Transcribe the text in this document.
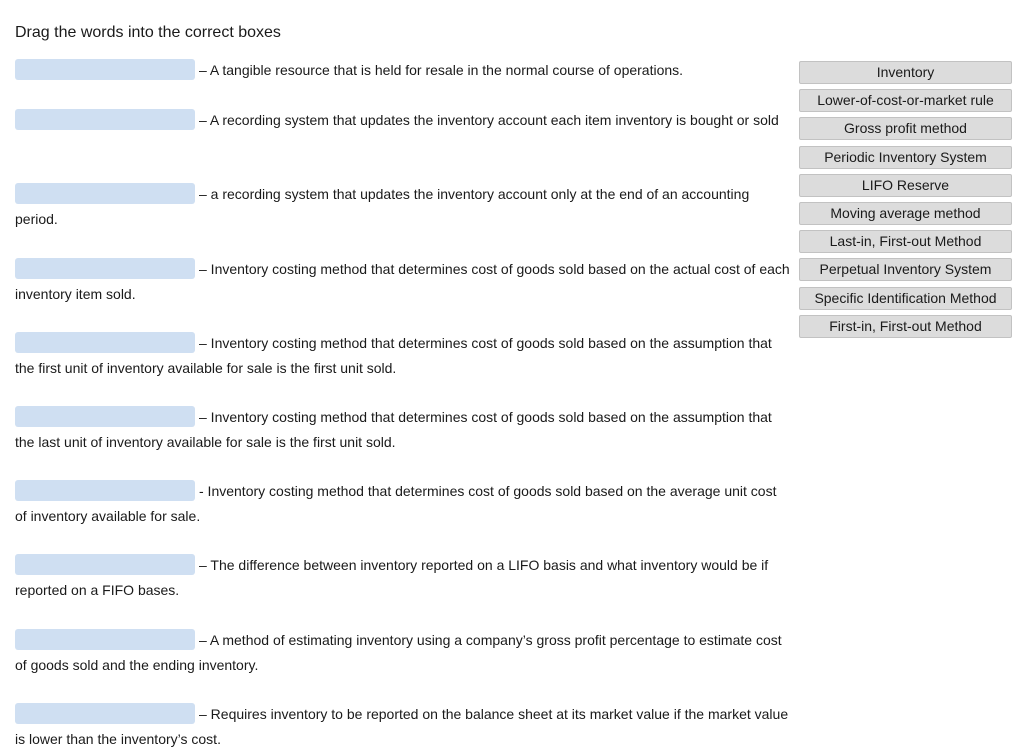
Drag the words into the correct boxes
– A tangible resource that is held for resale in the normal course of operations.
– A recording system that updates the inventory account each item inventory is bought or sold
– a recording system that updates the inventory account only at the end of an accounting period.
– Inventory costing method that determines cost of goods sold based on the actual cost of each inventory item sold.
– Inventory costing method that determines cost of goods sold based on the assumption that the first unit of inventory available for sale is the first unit sold.
– Inventory costing method that determines cost of goods sold based on the assumption that the last unit of inventory available for sale is the first unit sold.
- Inventory costing method that determines cost of goods sold based on the average unit cost of inventory available for sale.
– The difference between inventory reported on a LIFO basis and what inventory would be if reported on a FIFO bases.
– A method of estimating inventory using a company’s gross profit percentage to estimate cost of goods sold and the ending inventory.
– Requires inventory to be reported on the balance sheet at its market value if the market value is lower than the inventory’s cost.
Inventory
Lower-of-cost-or-market rule
Gross profit method
Periodic Inventory System
LIFO Reserve
Moving average method
Last-in, First-out Method
Perpetual Inventory System
Specific Identification Method
First-in, First-out Method
